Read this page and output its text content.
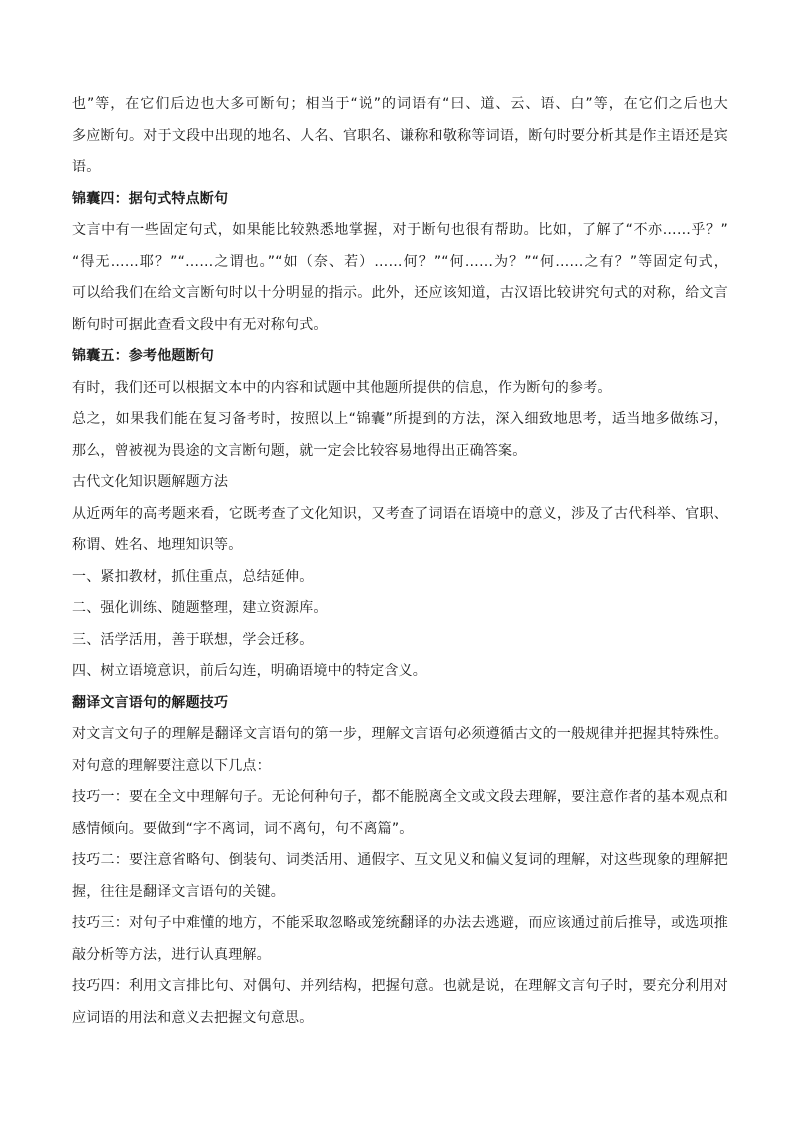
也”等，在它们后边也大多可断句；相当于“说”的词语有“曰、道、云、语、白”等，在它们之后也大
多应断句。对于文段中出现的地名、人名、官职名、谦称和敬称等词语，断句时要分析其是作主语还是宾
语。
锦囊四：据句式特点断句
文言中有一些固定句式，如果能比较熟悉地掌握，对于断句也很有帮助。比如，了解了“不亦……乎？”
“得无……耶？”“……之谓也。”“如（奈、若）……何？”“何……为？”“何……之有？”等固定句式，
可以给我们在给文言断句时以十分明显的指示。此外，还应该知道，古汉语比较讲究句式的对称，给文言
断句时可据此查看文段中有无对称句式。
锦囊五：参考他题断句
有时，我们还可以根据文本中的内容和试题中其他题所提供的信息，作为断句的参考。
总之，如果我们能在复习备考时，按照以上“锦囊”所提到的方法，深入细致地思考，适当地多做练习，
那么，曾被视为畏途的文言断句题，就一定会比较容易地得出正确答案。
古代文化知识题解题方法
从近两年的高考题来看，它既考查了文化知识，又考查了词语在语境中的意义，涉及了古代科举、官职、
称谓、姓名、地理知识等。
一、紧扣教材，抓住重点，总结延伸。
二、强化训练、随题整理，建立资源库。
三、活学活用，善于联想，学会迁移。
四、树立语境意识，前后勾连，明确语境中的特定含义。
翻译文言语句的解题技巧
对文言文句子的理解是翻译文言语句的第一步，理解文言语句必须遵循古文的一般规律并把握其特殊性。
对句意的理解要注意以下几点：
技巧一：要在全文中理解句子。无论何种句子，都不能脱离全文或文段去理解，要注意作者的基本观点和
感情倾向。要做到“字不离词，词不离句，句不离篇”。
技巧二：要注意省略句、倒装句、词类活用、通假字、互文见义和偏义复词的理解，对这些现象的理解把
握，往往是翻译文言语句的关键。
技巧三：对句子中难懂的地方，不能采取忽略或笼统翻译的办法去逃避，而应该通过前后推导，或选项推
敲分析等方法，进行认真理解。
技巧四：利用文言排比句、对偶句、并列结构，把握句意。也就是说，在理解文言句子时，要充分利用对
应词语的用法和意义去把握文句意思。
